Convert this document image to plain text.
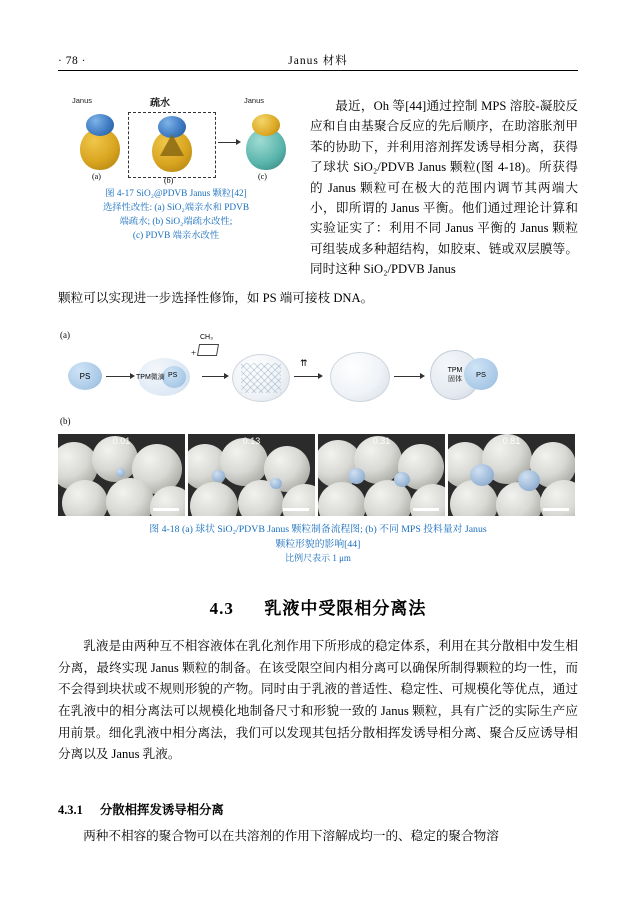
· 78 ·	Janus 材料
Janus	疏水	Janus
(a)	(b)	(c)
图 4-17 SiO₂@PDVB Janus 颗粒[42]
选择性改性: (a) SiO₂端亲水和 PDVB
端疏水; (b) SiO₂端疏水改性;
(c) PDVB 端亲水改性

最近，Oh 等[44]通过控制 MPS 溶胶-凝胶反应和自由基聚合反应的先后顺序，在助溶胀剂甲苯的协助下，并利用溶剂挥发诱导相分离，获得了球状 SiO₂/PDVB Janus 颗粒(图 4-18)。所获得的 Janus 颗粒可在极大的范围内调节其两端大小，即所谓的 Janus 平衡。他们通过理论计算和实验证实了：利用不同 Janus 平衡的 Janus 颗粒可组装成多种超结构，如胶束、链或双层膜等。同时这种 SiO₂/PDVB Janus

颗粒可以实现进一步选择性修饰，如 PS 端可接枝 DNA。
(a)
PS	TPM微滴 PS
CH₃
+
⇈
TPM
固体
PS
(b)
0.01	0.13	0.31	0.81
图 4-18 (a) 球状 SiO₂/PDVB Janus 颗粒制备流程图; (b) 不同 MPS 投料量对 Janus
颗粒形貌的影响[44]
比例尺表示 1 μm
4.3 乳液中受限相分离法

乳液是由两种互不相容液体在乳化剂作用下所形成的稳定体系，利用在其分散相中发生相分离，最终实现 Janus 颗粒的制备。在该受限空间内相分离可以确保所制得颗粒的均一性，而不会得到块状或不规则形貌的产物。同时由于乳液的普适性、稳定性、可规模化等优点，通过在乳液中的相分离法可以规模化地制备尺寸和形貌一致的 Janus 颗粒，具有广泛的实际生产应用前景。细化乳液中相分离法，我们可以发现其包括分散相挥发诱导相分离、聚合反应诱导相分离以及 Janus 乳液。

4.3.1 分散相挥发诱导相分离

两种不相容的聚合物可以在共溶剂的作用下溶解成均一的、稳定的聚合物溶
